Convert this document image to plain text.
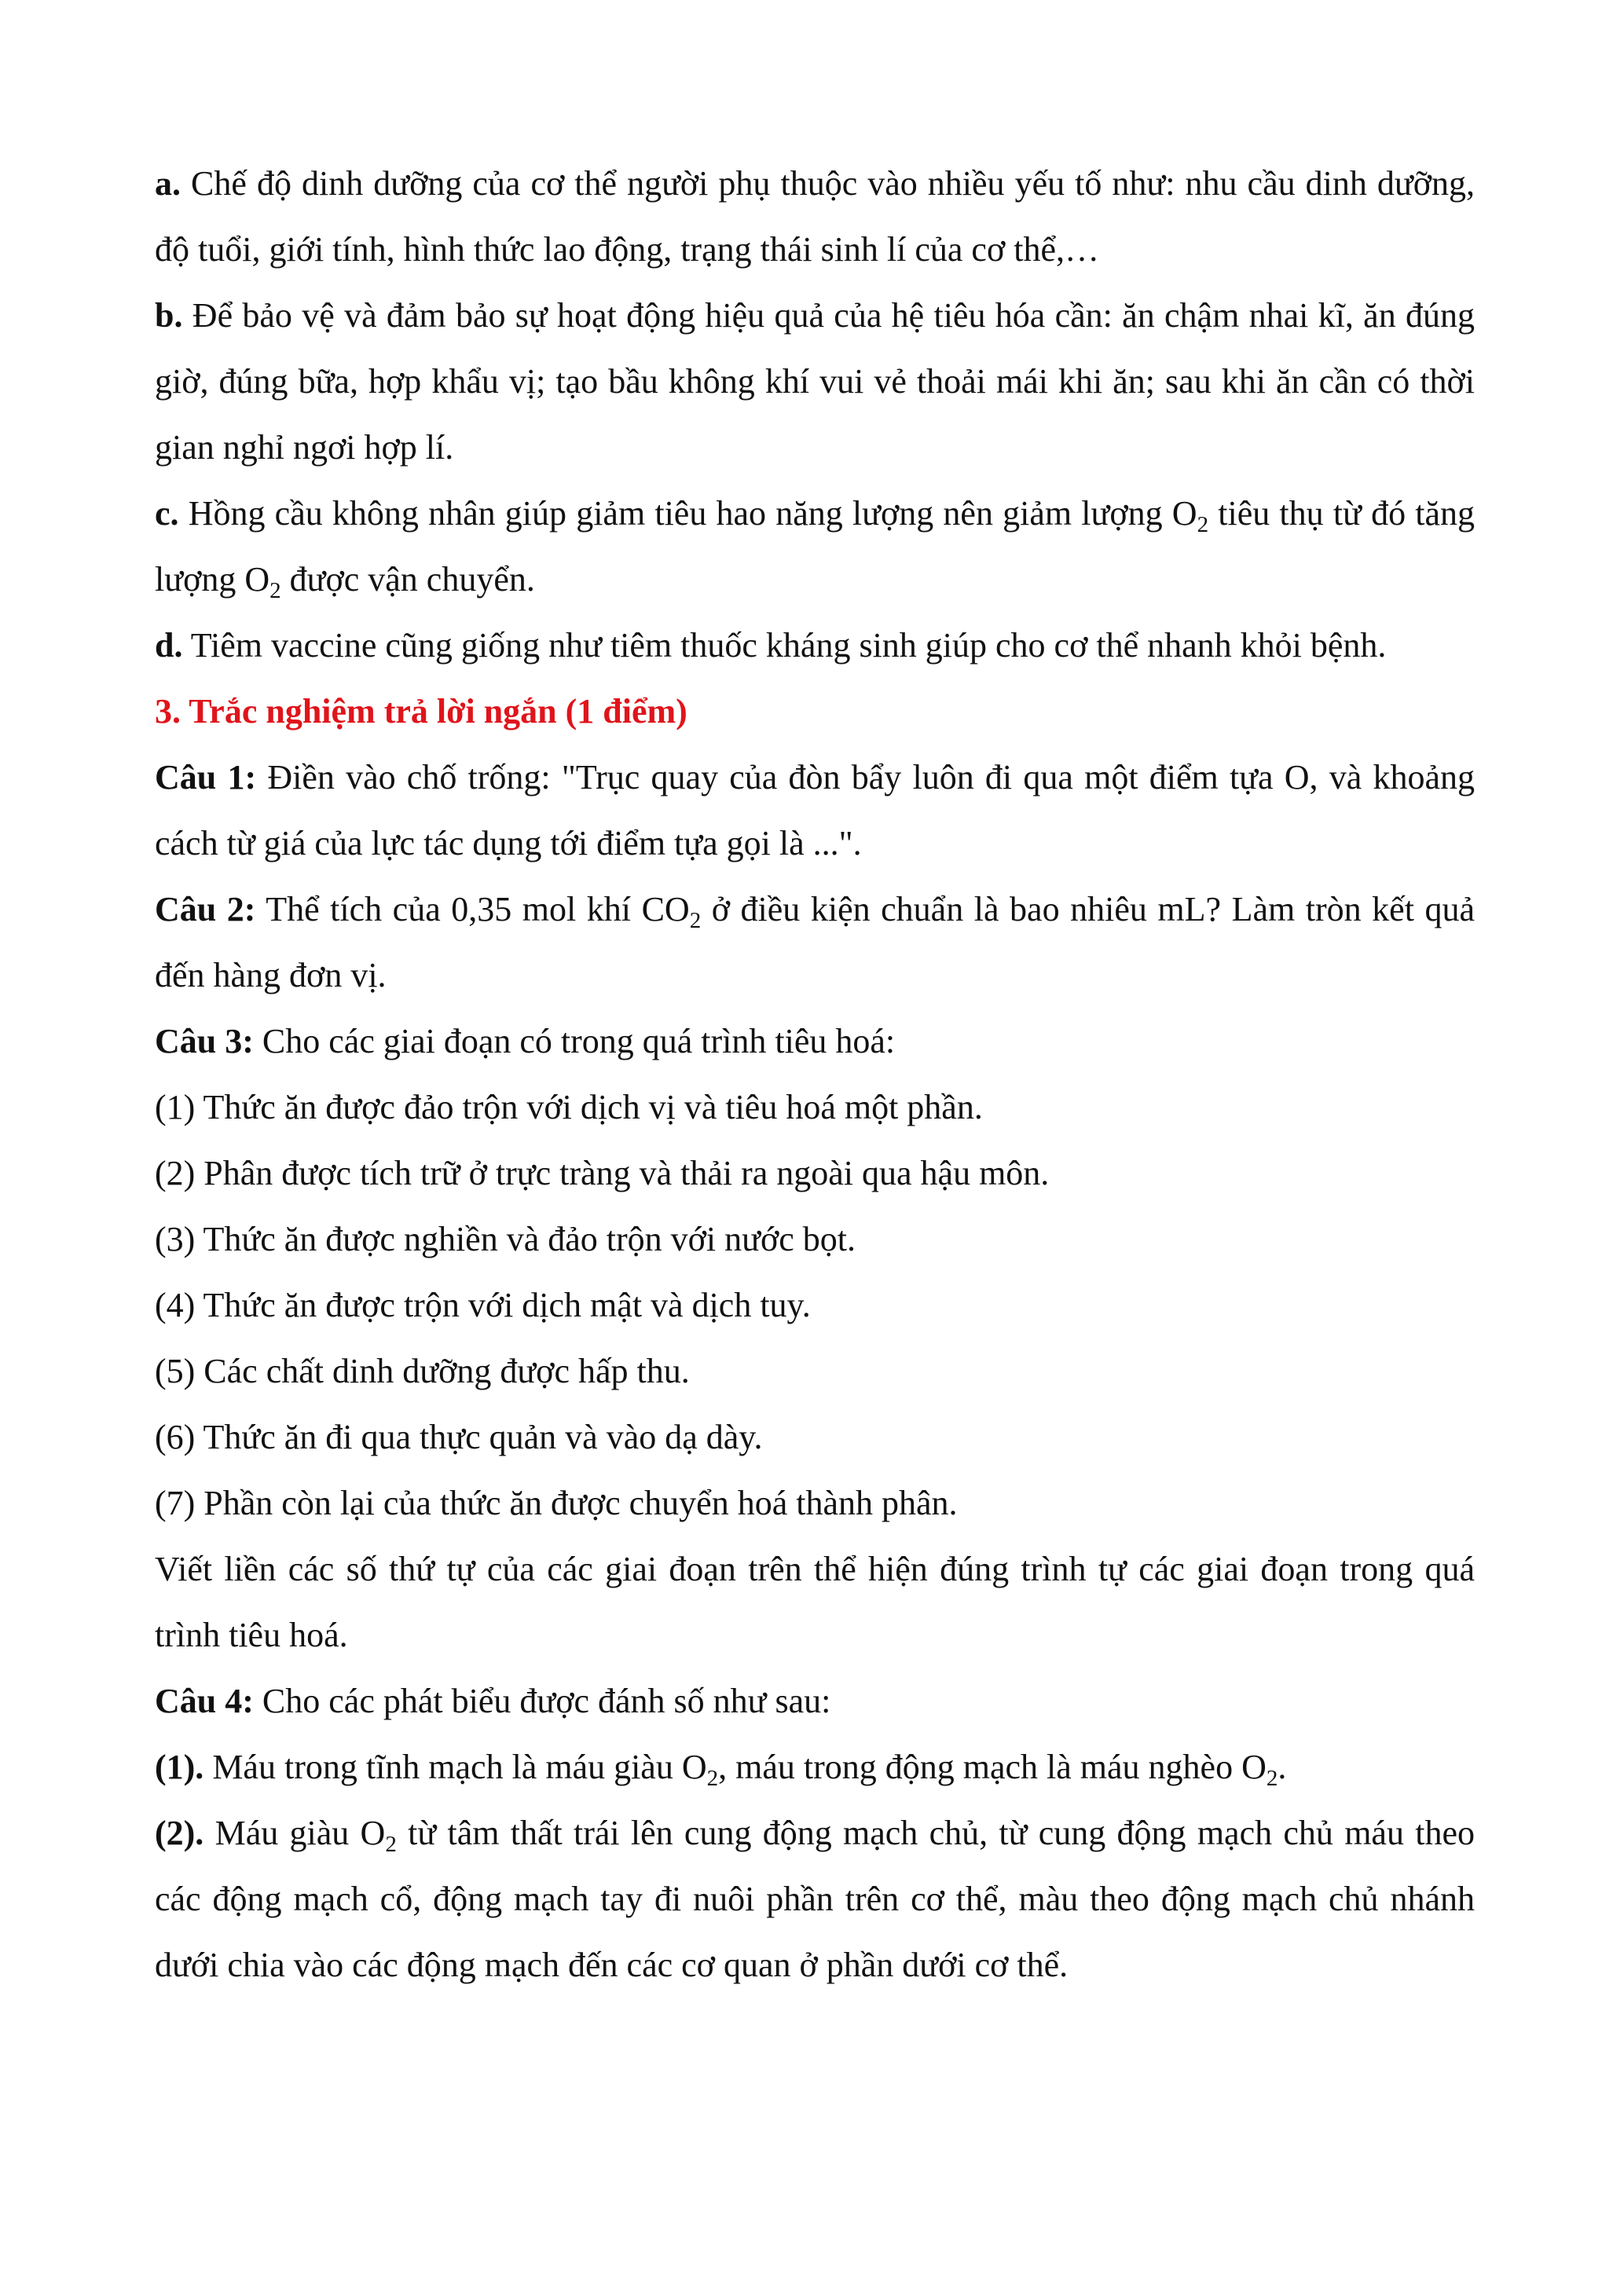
a. Chế độ dinh dưỡng của cơ thể người phụ thuộc vào nhiều yếu tố như: nhu cầu dinh dưỡng, độ tuổi, giới tính, hình thức lao động, trạng thái sinh lí của cơ thể,…

b. Để bảo vệ và đảm bảo sự hoạt động hiệu quả của hệ tiêu hóa cần: ăn chậm nhai kĩ, ăn đúng giờ, đúng bữa, hợp khẩu vị; tạo bầu không khí vui vẻ thoải mái khi ăn; sau khi ăn cần có thời gian nghỉ ngơi hợp lí.

c. Hồng cầu không nhân giúp giảm tiêu hao năng lượng nên giảm lượng $O_2$ tiêu thụ từ đó tăng lượng $O_2$ được vận chuyển.

d. Tiêm vaccine cũng giống như tiêm thuốc kháng sinh giúp cho cơ thể nhanh khỏi bệnh.

3. Trắc nghiệm trả lời ngắn (1 điểm)

Câu 1: Điền vào chố trống: "Trục quay của đòn bẩy luôn đi qua một điểm tựa O, và khoảng cách từ giá của lực tác dụng tới điểm tựa gọi là ...".

Câu 2: Thể tích của 0,35 mol khí $CO_2$ ở điều kiện chuẩn là bao nhiêu mL? Làm tròn kết quả đến hàng đơn vị.

Câu 3: Cho các giai đoạn có trong quá trình tiêu hoá:

(1) Thức ăn được đảo trộn với dịch vị và tiêu hoá một phần.

(2) Phân được tích trữ ở trực tràng và thải ra ngoài qua hậu môn.

(3) Thức ăn được nghiền và đảo trộn với nước bọt.

(4) Thức ăn được trộn với dịch mật và dịch tuy.

(5) Các chất dinh dưỡng được hấp thu.

(6) Thức ăn đi qua thực quản và vào dạ dày.

(7) Phần còn lại của thức ăn được chuyển hoá thành phân.

Viết liền các số thứ tự của các giai đoạn trên thể hiện đúng trình tự các giai đoạn trong quá trình tiêu hoá.

Câu 4: Cho các phát biểu được đánh số như sau:

(1). Máu trong tĩnh mạch là máu giàu $O_2$, máu trong động mạch là máu nghèo $O_2$.

(2). Máu giàu $O_2$ từ tâm thất trái lên cung động mạch chủ, từ cung động mạch chủ máu theo các động mạch cổ, động mạch tay đi nuôi phần trên cơ thể, màu theo động mạch chủ nhánh dưới chia vào các động mạch đến các cơ quan ở phần dưới cơ thể.
